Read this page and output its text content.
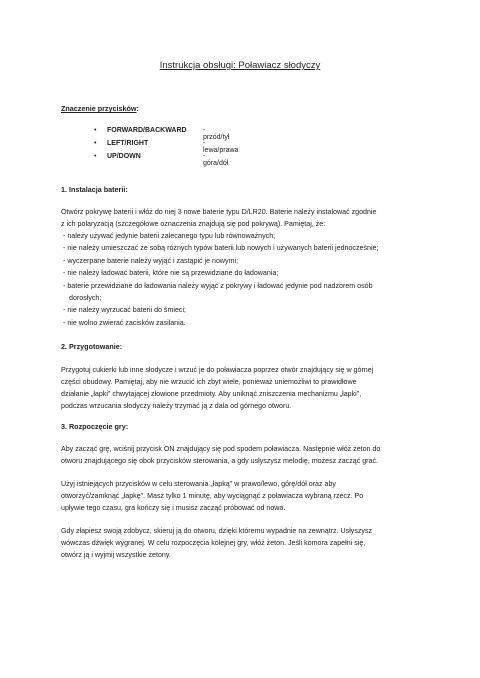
Instrukcja obsługi: Poławiacz słodyczy
Znaczenie przycisków:
• FORWARD/BACKWARD - przód/tył
• LEFT/RIGHT	- lewa/prawa
• UP/DOWN	- góra/dół
1. Instalacja baterii:
Otwórz pokrywę baterii i włóż do niej 3 nowe baterie typu D/LR20. Baterie należy instalować zgodnie
z ich polaryzacją (szczegółowe oznaczenia znajdują się pod pokrywą). Pamiętaj, że:
- należy używać jedynie baterii zalecanego typu lub równoważnych;
- nie należy umieszczać ze sobą różnych typów baterii lub nowych i używanych baterii jednocześnie;
- wyczerpane baterie należy wyjąć i zastąpić je nowymi;
- nie należy ładować baterii, które nie są przewidziane do ładowania;
- baterie przewidziane do ładowania należy wyjąć z pokrywy i ładować jedynie pod nadzorem osób
dorosłych;
- nie należy wyrzucać baterii do śmieci;
- nie wolno zwierać zacisków zasilania.
2. Przygotowanie:
Przygotuj cukierki lub inne słodycze i wrzuć je do poławiacza poprzez otwór znajdujący się w górnej
części obudowy. Pamiętaj, aby nie wrzucić ich zbyt wiele, ponieważ uniemożliwi to prawidłowe
działanie „łapki" chwytającej złowione przedmioty. Aby uniknąć zniszczenia mechanizmu „łapki",
podczas wrzucania słodyczy należy trzymać ją z dala od górnego otworu.
3. Rozpoczęcie gry:
Aby zacząć grę, wciśnij przycisk ON znajdujący się pod spodem poławiacza. Następnie włóż żeton do
otworu znajdującego się obok przycisków sterowania, a gdy usłyszysz melodię, możesz zacząć grać.
Użyj istniejących przycisków w celu sterowania „łapką" w prawo/lewo, górę/dół oraz aby
otworzyć/zamknąć „łapkę". Masz tylko 1 minutę, aby wyciągnąć z poławiacza wybraną rzecz. Po
upływie tego czasu, gra kończy się i musisz zacząć próbować od nowa.
Gdy złapiesz swoją zdobycz, skieruj ją do otworu, dzięki któremu wypadnie na zewnątrz. Usłyszysz
wówczas dźwięk wygranej. W celu rozpoczęcia kolejnej gry, włóż żeton. Jeśli komora zapełni się,
otwórz ją i wyjmij wszystkie żetony.
